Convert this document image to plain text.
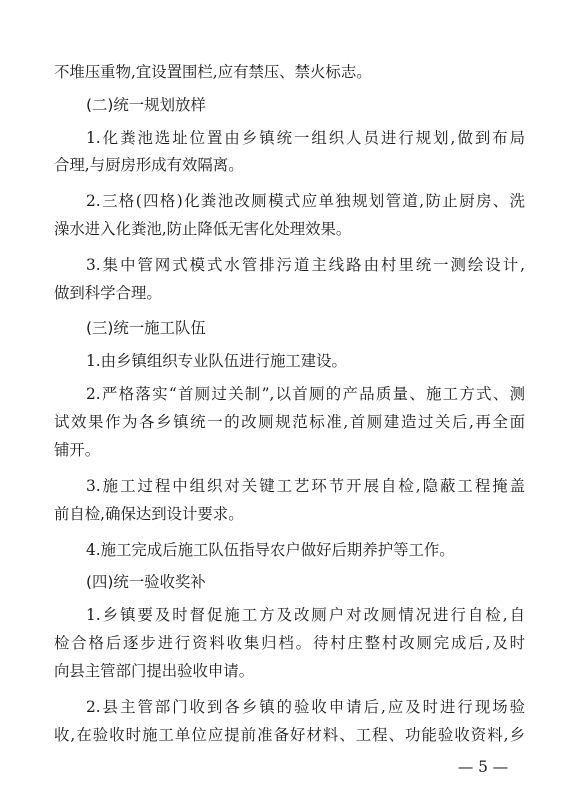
不堆压重物,宜设置围栏,应有禁压、禁火标志。
(二)统一规划放样
1.化粪池选址位置由乡镇统一组织人员进行规划,做到布局
合理,与厨房形成有效隔离。
2.三格(四格)化粪池改厕模式应单独规划管道,防止厨房、洗
澡水进入化粪池,防止降低无害化处理效果。
3.集中管网式模式水管排污道主线路由村里统一测绘设计,
做到科学合理。
(三)统一施工队伍
1.由乡镇组织专业队伍进行施工建设。
2.严格落实“首厕过关制”,以首厕的产品质量、施工方式、测
试效果作为各乡镇统一的改厕规范标准,首厕建造过关后,再全面
铺开。
3.施工过程中组织对关键工艺环节开展自检,隐蔽工程掩盖
前自检,确保达到设计要求。
4.施工完成后施工队伍指导农户做好后期养护等工作。
(四)统一验收奖补
1.乡镇要及时督促施工方及改厕户对改厕情况进行自检,自
检合格后逐步进行资料收集归档。待村庄整村改厕完成后,及时
向县主管部门提出验收申请。
2.县主管部门收到各乡镇的验收申请后,应及时进行现场验
收,在验收时施工单位应提前准备好材料、工程、功能验收资料,乡
— 5 —
